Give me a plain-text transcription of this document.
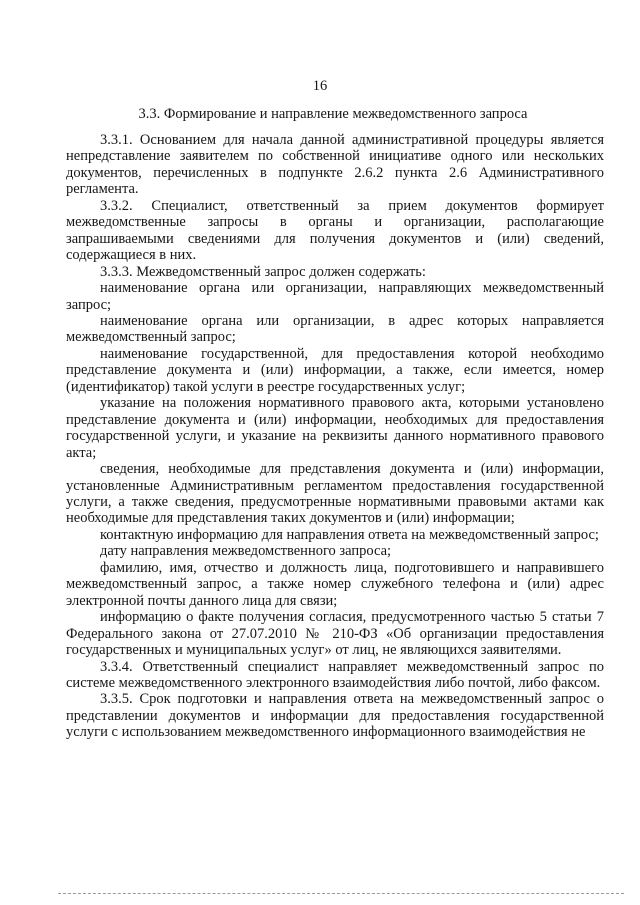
16
3.3. Формирование и направление межведомственного запроса

3.3.1. Основанием для начала данной административной процедуры является непредставление заявителем по собственной инициативе одного или нескольких документов, перечисленных в подпункте 2.6.2 пункта 2.6 Административного регламента.

3.3.2. Специалист, ответственный за прием документов формирует межведомственные запросы в органы и организации, располагающие запрашиваемыми сведениями для получения документов и (или) сведений, содержащиеся в них.

3.3.3. Межведомственный запрос должен содержать:

наименование органа или организации, направляющих межведомственный запрос;

наименование органа или организации, в адрес которых направляется межведомственный запрос;

наименование государственной, для предоставления которой необходимо представление документа и (или) информации, а также, если имеется, номер (идентификатор) такой услуги в реестре государственных услуг;

указание на положения нормативного правового акта, которыми установлено представление документа и (или) информации, необходимых для предоставления государственной услуги, и указание на реквизиты данного нормативного правового акта;

сведения, необходимые для представления документа и (или) информации, установленные Административным регламентом предоставления государственной услуги, а также сведения, предусмотренные нормативными правовыми актами как необходимые для представления таких документов и (или) информации;

контактную информацию для направления ответа на межведомственный запрос;

дату направления межведомственного запроса;

фамилию, имя, отчество и должность лица, подготовившего и направившего межведомственный запрос, а также номер служебного телефона и (или) адрес электронной почты данного лица для связи;

информацию о факте получения согласия, предусмотренного частью 5 статьи 7 Федерального закона от 27.07.2010 № 210-ФЗ «Об организации предоставления государственных и муниципальных услуг» от лиц, не являющихся заявителями.

3.3.4. Ответственный специалист направляет межведомственный запрос по системе межведомственного электронного взаимодействия либо почтой, либо факсом.

3.3.5. Срок подготовки и направления ответа на межведомственный запрос о представлении документов и информации для предоставления государственной услуги с использованием межведомственного информационного взаимодействия не
